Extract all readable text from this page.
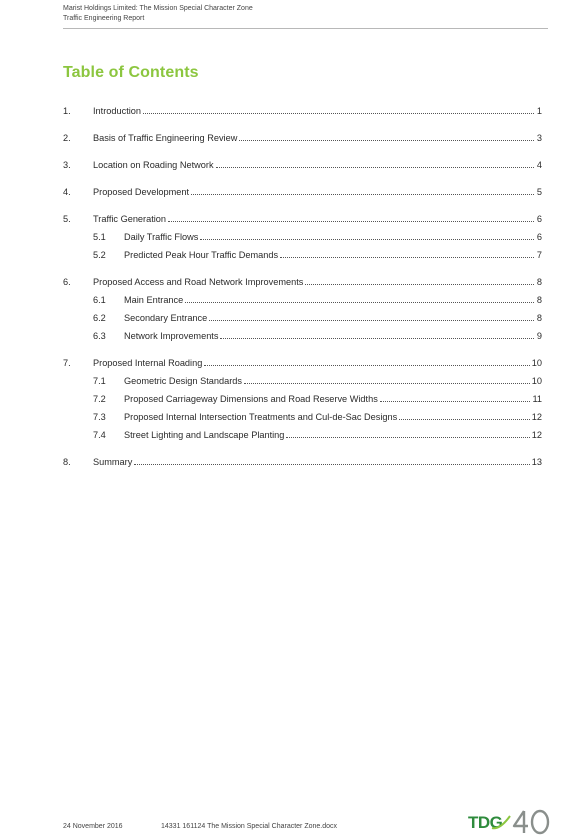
Marist Holdings Limited: The Mission Special Character Zone
Traffic Engineering Report
Table of Contents
1.	Introduction	1
2.	Basis of Traffic Engineering Review	3
3.	Location on Roading Network	4
4.	Proposed Development	5
5.	Traffic Generation	6
5.1	Daily Traffic Flows	6
5.2	Predicted Peak Hour Traffic Demands	7
6.	Proposed Access and Road Network Improvements	8
6.1	Main Entrance	8
6.2	Secondary Entrance	8
6.3	Network Improvements	9
7.	Proposed Internal Roading	10
7.1	Geometric Design Standards	10
7.2	Proposed Carriageway Dimensions and Road Reserve Widths	11
7.3	Proposed Internal Intersection Treatments and Cul-de-Sac Designs	12
7.4	Street Lighting and Landscape Planting	12
8.	Summary	13
24 November 2016	14331 161124 The Mission Special Character Zone.docx	TDG
